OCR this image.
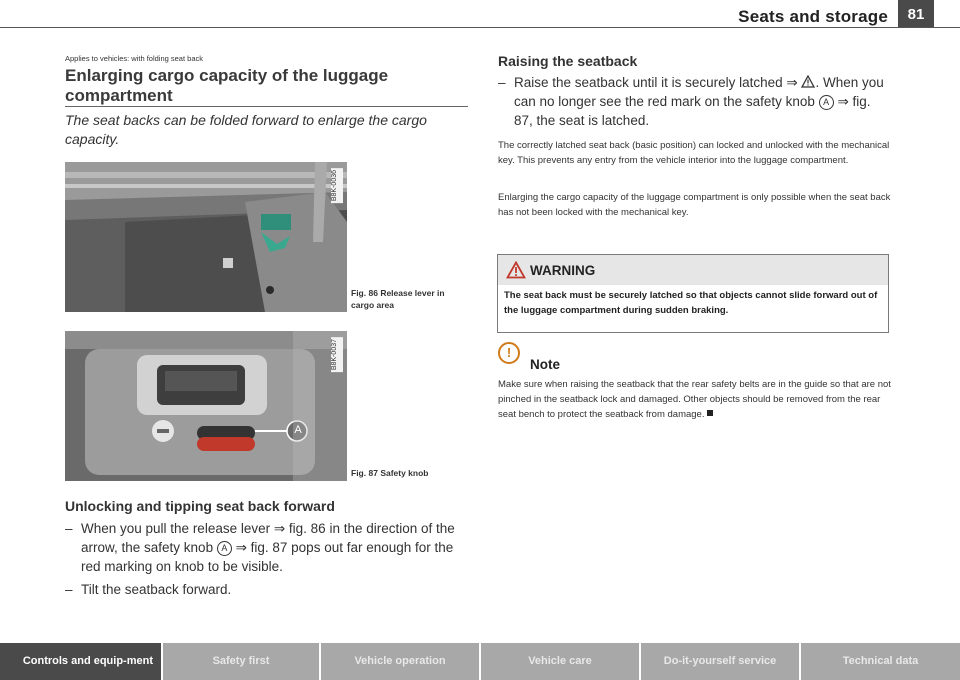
Seats and storage	81
Applies to vehicles: with folding seat back
Enlarging cargo capacity of the luggage compartment
The seat backs can be folded forward to enlarge the cargo capacity.
B8K-0036
Fig. 86 Release lever in cargo area
A
B8K-0037
Fig. 87 Safety knob
Unlocking and tipping seat back forward
– When you pull the release lever ⇒ fig. 86 in the direction of the arrow, the safety knob A ⇒ fig. 87 pops out far enough for the red marking on knob to be visible.
– Tilt the seatback forward.
Raising the seatback
– Raise the seatback until it is securely latched ⇒ . When you can no longer see the red mark on the safety knob A ⇒ fig. 87, the seat is latched.
The correctly latched seat back (basic position) can locked and unlocked with the mechanical key. This prevents any entry from the vehicle interior into the luggage compartment.
Enlarging the cargo capacity of the luggage compartment is only possible when the seat back has not been locked with the mechanical key.
WARNING
The seat back must be securely latched so that objects cannot slide forward out of the luggage compartment during sudden braking.
!
Note
Make sure when raising the seatback that the rear safety belts are in the guide so that are not pinched in the seatback lock and damaged. Other objects should be removed from the rear seat bench to protect the seatback from damage.
Controls and equip-ment	Safety first	Vehicle operation	Vehicle care	Do-it-yourself service	Technical data
